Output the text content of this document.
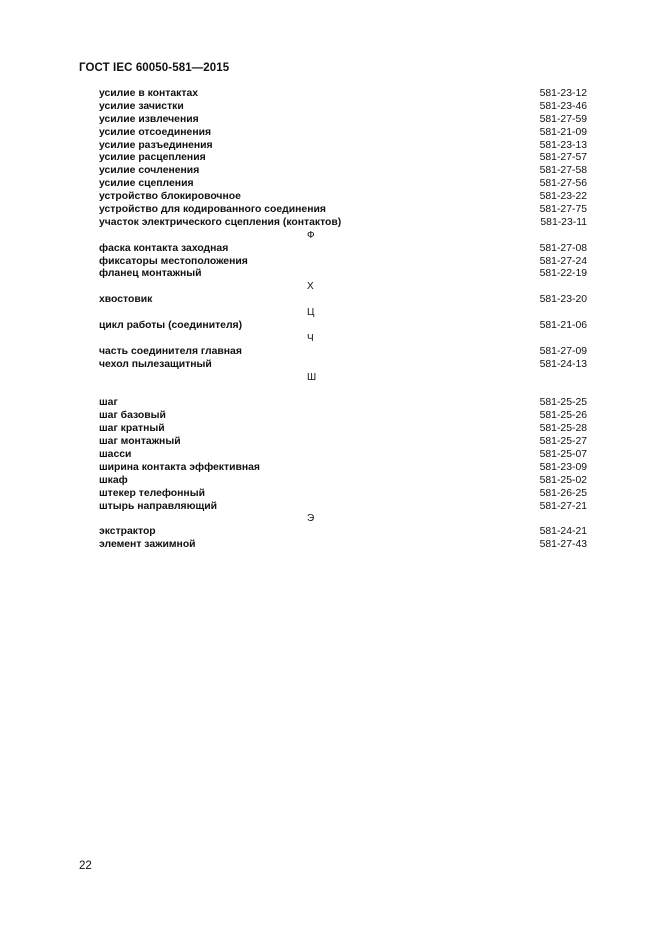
ГОСТ IEC 60050-581—2015
усилие в контактах	581-23-12
усилие зачистки	581-23-46
усилие извлечения	581-27-59
усилие отсоединения	581-21-09
усилие разъединения	581-23-13
усилие расцепления	581-27-57
усилие сочленения	581-27-58
усилие сцепления	581-27-56
устройство блокировочное	581-23-22
устройство для кодированного соединения	581-27-75
участок электрического сцепления (контактов)	581-23-11
Ф
фаска контакта заходная	581-27-08
фиксаторы местоположения	581-27-24
фланец монтажный	581-22-19
Х
хвостовик	581-23-20
Ц
цикл работы (соединителя)	581-21-06
Ч
часть соединителя главная	581-27-09
чехол пылезащитный	581-24-13
Ш
шаг	581-25-25
шаг базовый	581-25-26
шаг кратный	581-25-28
шаг монтажный	581-25-27
шасси	581-25-07
ширина контакта эффективная	581-23-09
шкаф	581-25-02
штекер телефонный	581-26-25
штырь направляющий	581-27-21
Э
экстрактор	581-24-21
элемент зажимной	581-27-43
22
